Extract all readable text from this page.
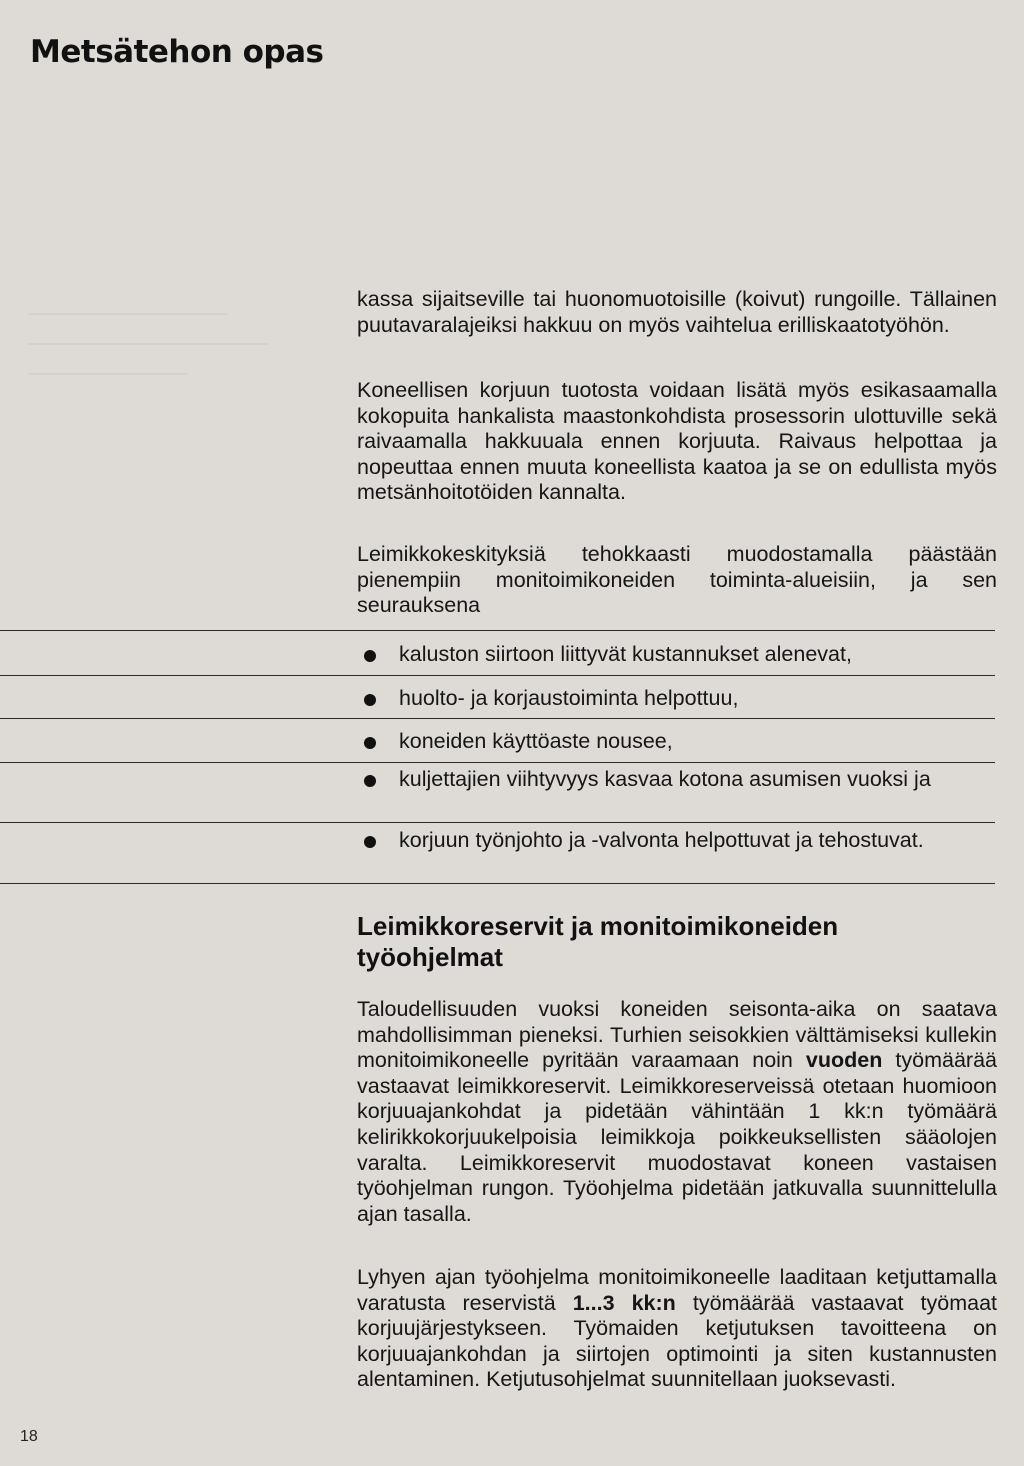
Metsätehon opas

kassa sijaitseville tai huonomuotoisille (koivut) rungoille. Tällainen puutavaralajeiksi hakkuu on myös vaihtelua erilliskaatotyöhön.

Koneellisen korjuun tuotosta voidaan lisätä myös esikasaamalla kokopuita hankalista maastonkohdista prosessorin ulottuville sekä raivaamalla hakkuuala ennen korjuuta. Raivaus helpottaa ja nopeuttaa ennen muuta koneellista kaatoa ja se on edullista myös metsänhoitotöiden kannalta.

Leimikkokeskityksiä tehokkaasti muodostamalla päästään pienempiin monitoimikoneiden toiminta-alueisiin, ja sen seurauksena

kaluston siirtoon liittyvät kustannukset alenevat,
huolto- ja korjaustoiminta helpottuu,
koneiden käyttöaste nousee,
kuljettajien viihtyvyys kasvaa kotona asumisen vuoksi ja
korjuun työnjohto ja -valvonta helpottuvat ja tehostuvat.
Leimikkoreservit ja monitoimikoneiden työohjelmat

Taloudellisuuden vuoksi koneiden seisonta-aika on saatava mahdollisimman pieneksi. Turhien seisokkien välttämiseksi kullekin monitoimikoneelle pyritään varaamaan noin vuoden työmäärää vastaavat leimikkoreservit. Leimikkoreserveissä otetaan huomioon korjuuajankohdat ja pidetään vähintään 1 kk:n työmäärä kelirikkokorjuukelpoisia leimikkoja poikkeuksellisten sääolojen varalta. Leimikkoreservit muodostavat koneen vastaisen työohjelman rungon. Työohjelma pidetään jatkuvalla suunnittelulla ajan tasalla.

Lyhyen ajan työohjelma monitoimikoneelle laaditaan ketjuttamalla varatusta reservistä 1...3 kk:n työmäärää vastaavat työmaat korjuujärjestykseen. Työmaiden ketjutuksen tavoitteena on korjuuajankohdan ja siirtojen optimointi ja siten kustannusten alentaminen. Ketjutusohjelmat suunnitellaan juoksevasti.

18
